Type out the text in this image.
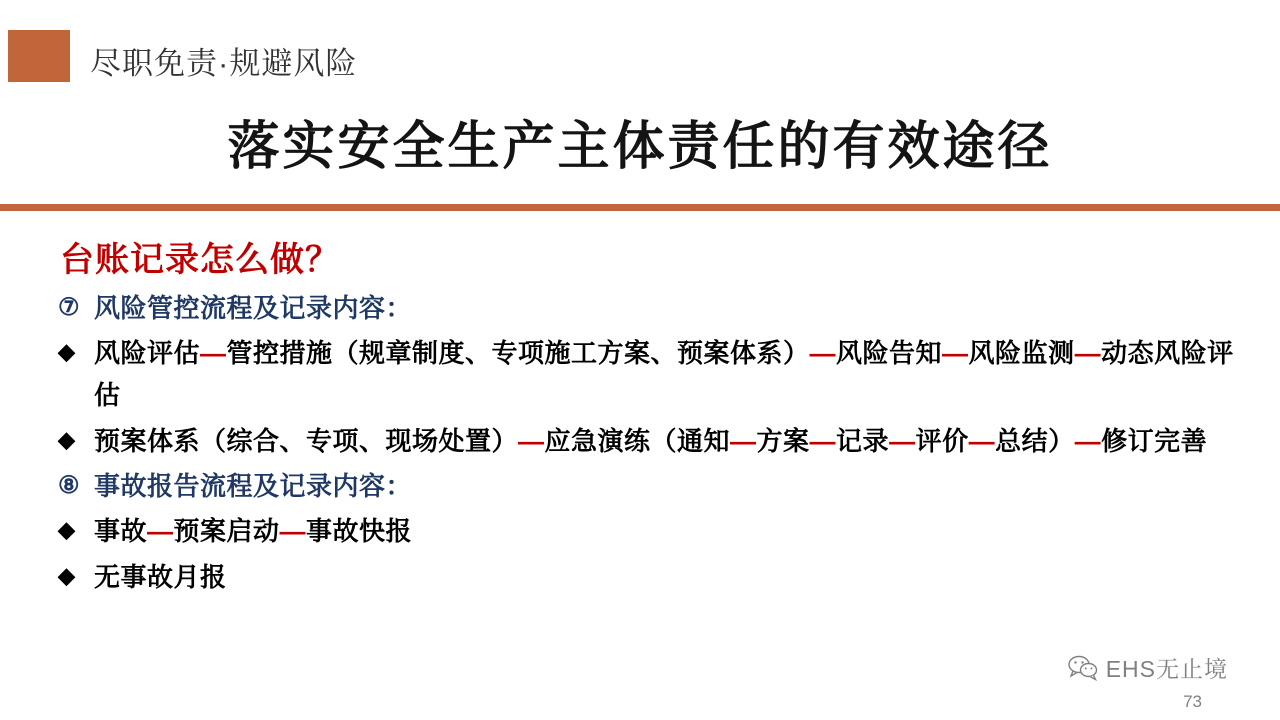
尽职免责·规避风险
落实安全生产主体责任的有效途径
台账记录怎么做？
⑦ 风险管控流程及记录内容：
◆ 风险评估—管控措施（规章制度、专项施工方案、预案体系）—风险告知—风险监测—动态风险评估
◆ 预案体系（综合、专项、现场处置）—应急演练（通知—方案—记录—评价—总结）—修订完善
⑧ 事故报告流程及记录内容：
◆ 事故—预案启动—事故快报
◆ 无事故月报
EHS无止境
73
